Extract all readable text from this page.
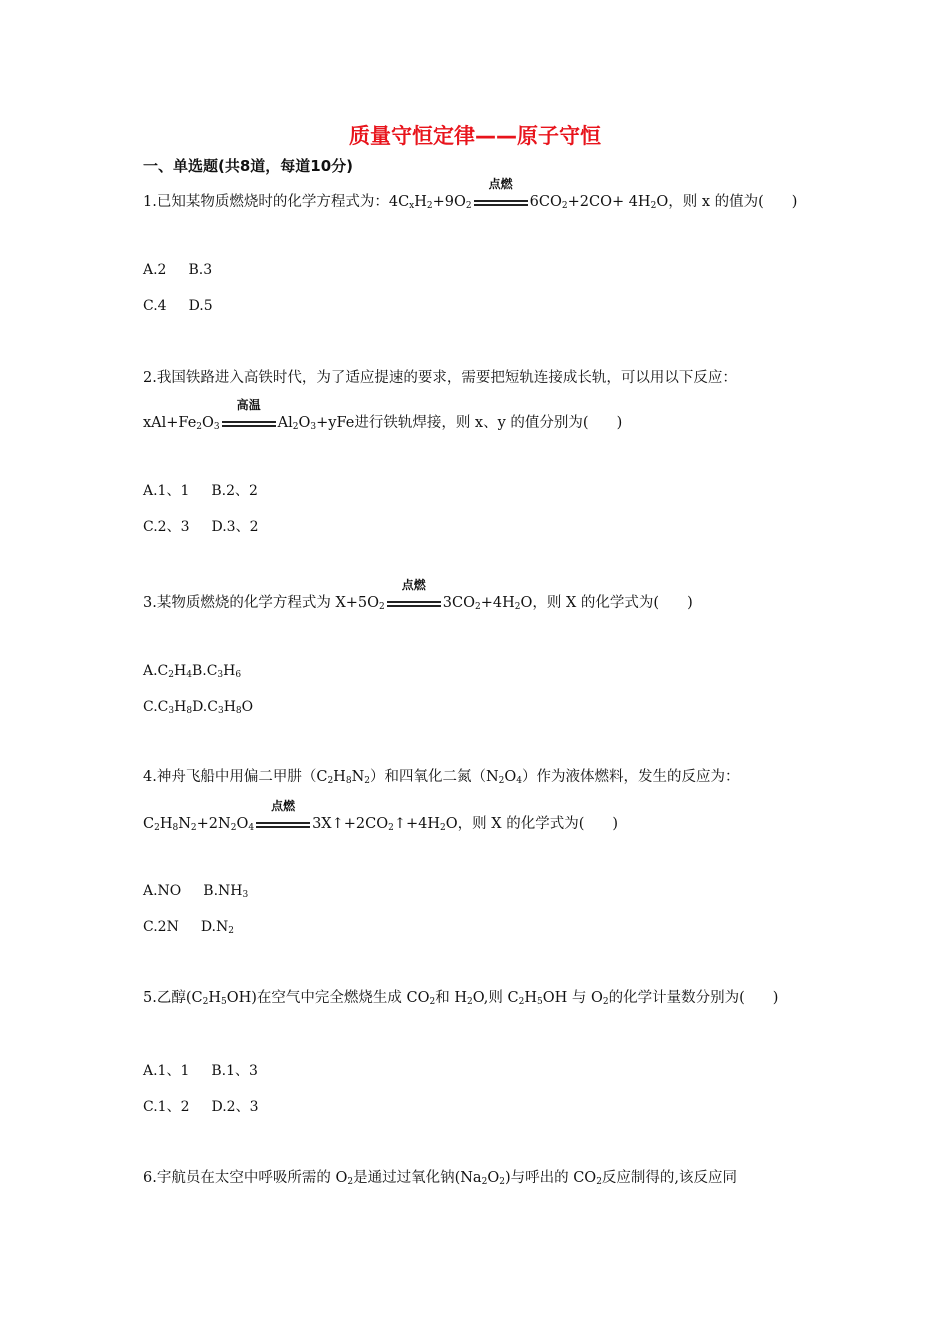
质量守恒定律——原子守恒
一、单选题(共8道，每道10分)
1.已知某物质燃烧时的化学方程式为：$4C_xH_2+9O_2$
点燃
$6CO_2+2CO+ 4H_2O$，则 x 的值为( )
A.2 B.3
C.4 D.5
2.我国铁路进入高铁时代，为了适应提速的要求，需要把短轨连接成长轨，可以用以下反应：
$xAl+Fe_2O_3$
高温
$Al_2O_3+yFe$进行铁轨焊接，则 x、y 的值分别为( )
A.1、1 B.2、2
C.2、3 D.3、2
3.某物质燃烧的化学方程式为 $X+5O_2$
点燃
$3CO_2+4H_2O$，则 X 的化学式为( )
$A.C_2H_4B.C_3H_6$
$C.C_3H_8D.C_3H_8O$
4.神舟飞船中用偏二甲肼$(C_2H_8N_2)$和四氧化二氮$(N_2O_4)$作为液体燃料，发生的反应为：
$C_2H_8N_2+2N_2O_4$
点燃
$3X↑+2CO_2↑+4H_2O$，则 X 的化学式为( )
A.NO $B.NH_3$
C.2N $D.N_2$
5.乙醇$(C_2H_5OH)$在空气中完全燃烧生成 $CO_2$和 $H_2O$,则 $C_2H_5OH$ 与 $O_2$的化学计量数分别为( )
A.1、1 B.1、3
C.1、2 D.2、3
6.宇航员在太空中呼吸所需的 $O_2$是通过过氧化钠$(Na_2O_2)$与呼出的 $CO_2$反应制得的,该反应同
